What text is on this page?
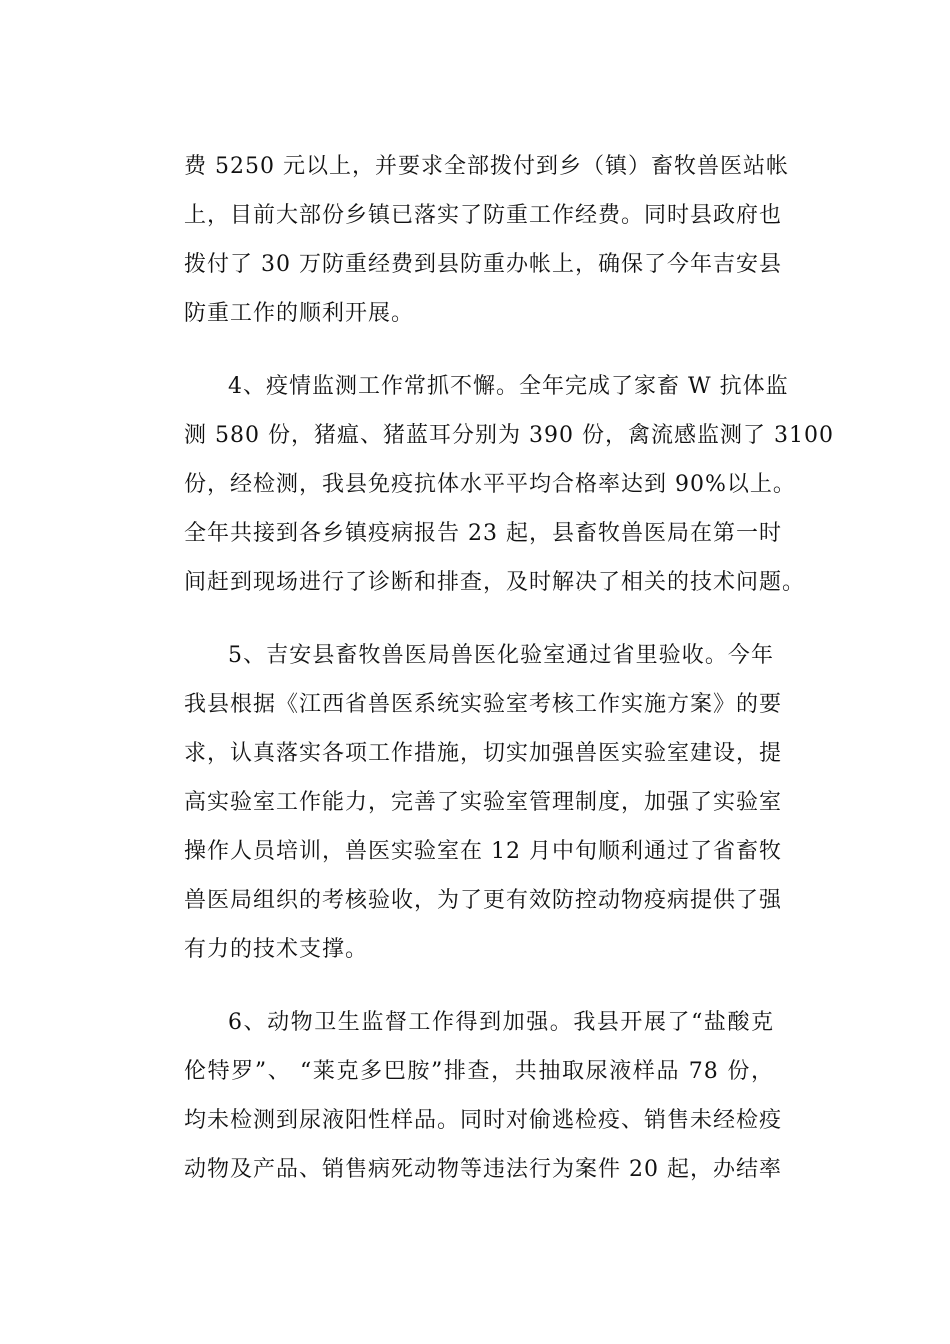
费 5250 元以上，并要求全部拨付到乡（镇）畜牧兽医站帐
上，目前大部份乡镇已落实了防重工作经费。同时县政府也
拨付了 30 万防重经费到县防重办帐上，确保了今年吉安县
防重工作的顺利开展。
4、疫情监测工作常抓不懈。全年完成了家畜 W 抗体监
测 580 份，猪瘟、猪蓝耳分别为 390 份，禽流感监测了 3100
份，经检测，我县免疫抗体水平平均合格率达到 90%以上。
全年共接到各乡镇疫病报告 23 起，县畜牧兽医局在第一时
间赶到现场进行了诊断和排查，及时解决了相关的技术问题。
5、吉安县畜牧兽医局兽医化验室通过省里验收。今年
我县根据《江西省兽医系统实验室考核工作实施方案》的要
求，认真落实各项工作措施，切实加强兽医实验室建设，提
高实验室工作能力，完善了实验室管理制度，加强了实验室
操作人员培训，兽医实验室在 12 月中旬顺利通过了省畜牧
兽医局组织的考核验收，为了更有效防控动物疫病提供了强
有力的技术支撑。
6、动物卫生监督工作得到加强。我县开展了“盐酸克
伦特罗”、 “莱克多巴胺”排查，共抽取尿液样品 78 份，
均未检测到尿液阳性样品。同时对偷逃检疫、销售未经检疫
动物及产品、销售病死动物等违法行为案件 20 起，办结率
